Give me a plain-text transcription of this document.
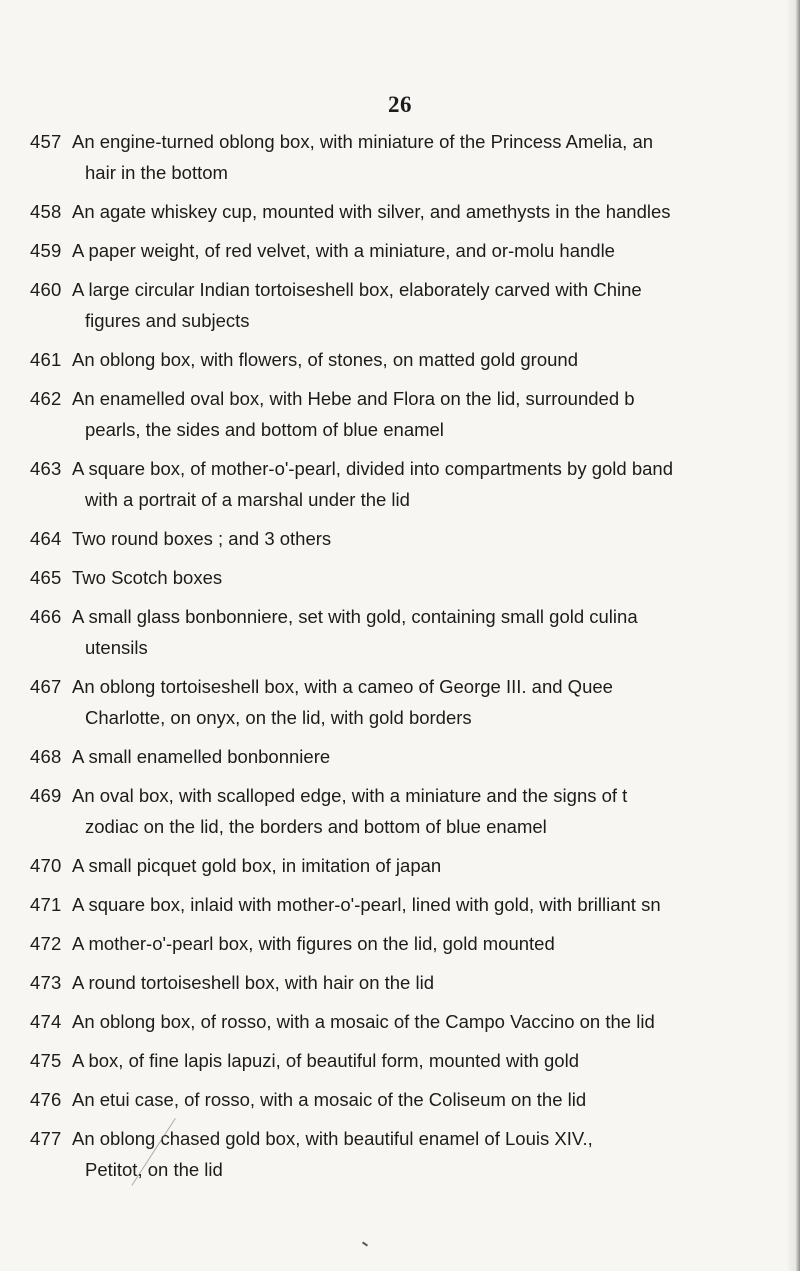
26
457 An engine-turned oblong box, with miniature of the Princess Amelia, an
hair in the bottom
458 An agate whiskey cup, mounted with silver, and amethysts in the handles
459 A paper weight, of red velvet, with a miniature, and or-molu handle
460 A large circular Indian tortoiseshell box, elaborately carved with Chine
figures and subjects
461 An oblong box, with flowers, of stones, on matted gold ground
462 An enamelled oval box, with Hebe and Flora on the lid, surrounded b
pearls, the sides and bottom of blue enamel
463 A square box, of mother-o'-pearl, divided into compartments by gold band
with a portrait of a marshal under the lid
464 Two round boxes ; and 3 others
465 Two Scotch boxes
466 A small glass bonbonniere, set with gold, containing small gold culina
utensils
467 An oblong tortoiseshell box, with a cameo of George III. and Quee
Charlotte, on onyx, on the lid, with gold borders
468 A small enamelled bonbonniere
469 An oval box, with scalloped edge, with a miniature and the signs of t
zodiac on the lid, the borders and bottom of blue enamel
470 A small picquet gold box, in imitation of japan
471 A square box, inlaid with mother-o'-pearl, lined with gold, with brilliant sn
472 A mother-o'-pearl box, with figures on the lid, gold mounted
473 A round tortoiseshell box, with hair on the lid
474 An oblong box, of rosso, with a mosaic of the Campo Vaccino on the lid
475 A box, of fine lapis lapuzi, of beautiful form, mounted with gold
476 An etui case, of rosso, with a mosaic of the Coliseum on the lid
477 An oblong chased gold box, with beautiful enamel of Louis XIV.,
Petitot, on the lid
